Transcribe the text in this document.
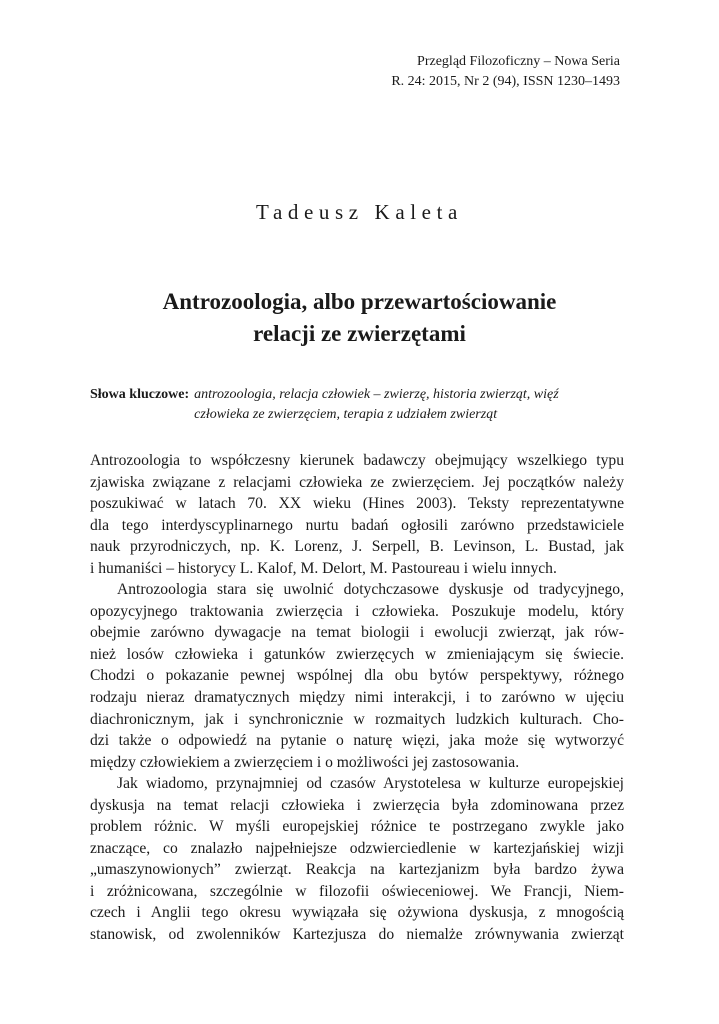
Przegląd Filozoficzny – Nowa Seria
R. 24: 2015, Nr 2 (94), ISSN 1230–1493
Tadeusz Kaleta
Antrozoologia, albo przewartościowanie
relacji ze zwierzętami
Słowa kluczowe: antrozoologia, relacja człowiek – zwierzę, historia zwierząt, więź
człowieka ze zwierzęciem, terapia z udziałem zwierząt
Antrozoologia to współczesny kierunek badawczy obejmujący wszelkiego typu
zjawiska związane z relacjami człowieka ze zwierzęciem. Jej początków należy
poszukiwać w latach 70. XX wieku (Hines 2003). Teksty reprezentatywne
dla tego interdyscyplinarnego nurtu badań ogłosili zarówno przedstawiciele
nauk przyrodniczych, np. K. Lorenz, J. Serpell, B. Levinson, L. Bustad, jak
i humaniści – historycy L. Kalof, M. Delort, M. Pastoureau i wielu innych.
Antrozoologia stara się uwolnić dotychczasowe dyskusje od tradycyjnego,
opozycyjnego traktowania zwierzęcia i człowieka. Poszukuje modelu, który
obejmie zarówno dywagacje na temat biologii i ewolucji zwierząt, jak rów-
nież losów człowieka i gatunków zwierzęcych w zmieniającym się świecie.
Chodzi o pokazanie pewnej wspólnej dla obu bytów perspektywy, różnego
rodzaju nieraz dramatycznych między nimi interakcji, i to zarówno w ujęciu
diachronicznym, jak i synchronicznie w rozmaitych ludzkich kulturach. Cho-
dzi także o odpowiedź na pytanie o naturę więzi, jaka może się wytworzyć
między człowiekiem a zwierzęciem i o możliwości jej zastosowania.
Jak wiadomo, przynajmniej od czasów Arystotelesa w kulturze europejskiej
dyskusja na temat relacji człowieka i zwierzęcia była zdominowana przez
problem różnic. W myśli europejskiej różnice te postrzegano zwykle jako
znaczące, co znalazło najpełniejsze odzwierciedlenie w kartezjańskiej wizji
„umaszynowionych” zwierząt. Reakcja na kartezjanizm była bardzo żywa
i zróżnicowana, szczególnie w filozofii oświeceniowej. We Francji, Niem-
czech i Anglii tego okresu wywiązała się ożywiona dyskusja, z mnogością
stanowisk, od zwolenników Kartezjusza do niemalże zrównywania zwierząt
